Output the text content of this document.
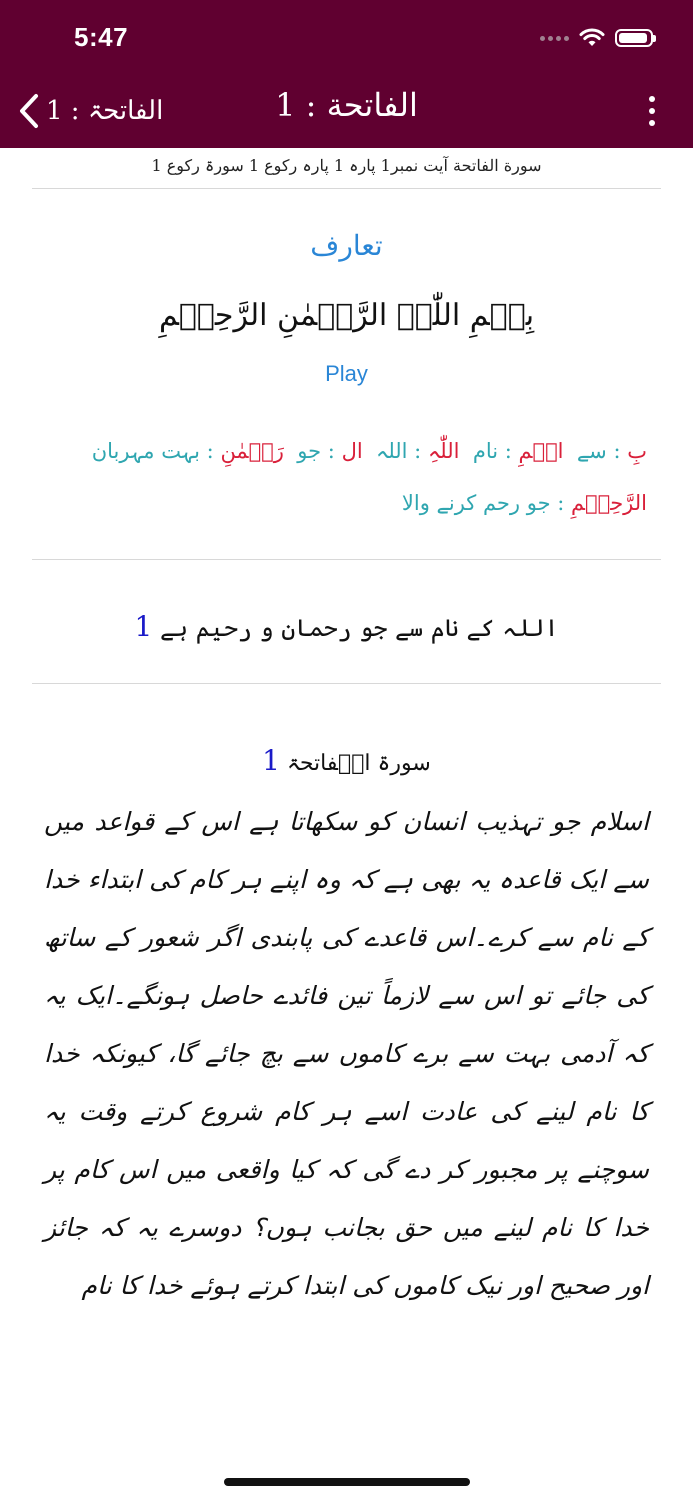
5:47
الفاتحۃ : 1	الفاتحة : 1
سورة الفاتحة آیت نمبر1 پارہ 1 پارہ رکوع 1 سورۃ رکوع 1
تعارف
بِسۡمِ اللّٰہِ الرَّحۡمٰنِ الرَّحِیۡمِ
Play
بِ : سے  اسۡمِ : نام  اللّٰہِ : اللہ  ال : جو  رَحۡمٰنِ : بہت مہربان  الرَّحِیۡمِ : جو رحم کرنے والا
اللہ کے نام سے جو رحمان و رحیم ہے 1
سورۃ الۡفاتحۃ 1
اسلام جو تہذیب انسان کو سکھاتا ہے اس کے قواعد میں سے ایک قاعدہ یہ بھی ہے کہ وہ اپنے ہر کام کی ابتداء خدا کے نام سے کرے۔اس قاعدے کی پابندی اگر شعور کے ساتھ کی جائے تو اس سے لازماً تین فائدے حاصل ہونگے۔ایک یہ کہ آدمی بہت سے برے کاموں سے بچ جائے گا، کیونکہ خدا کا نام لینے کی عادت اسے ہر کام شروع کرتے وقت یہ سوچنے پر مجبور کر دے گی کہ کیا واقعی میں اس کام پر خدا کا نام لینے میں حق بجانب ہوں؟ دوسرے یہ کہ جائز اور صحیح اور نیک کاموں کی ابتدا کرتے ہوئے خدا کا نام
